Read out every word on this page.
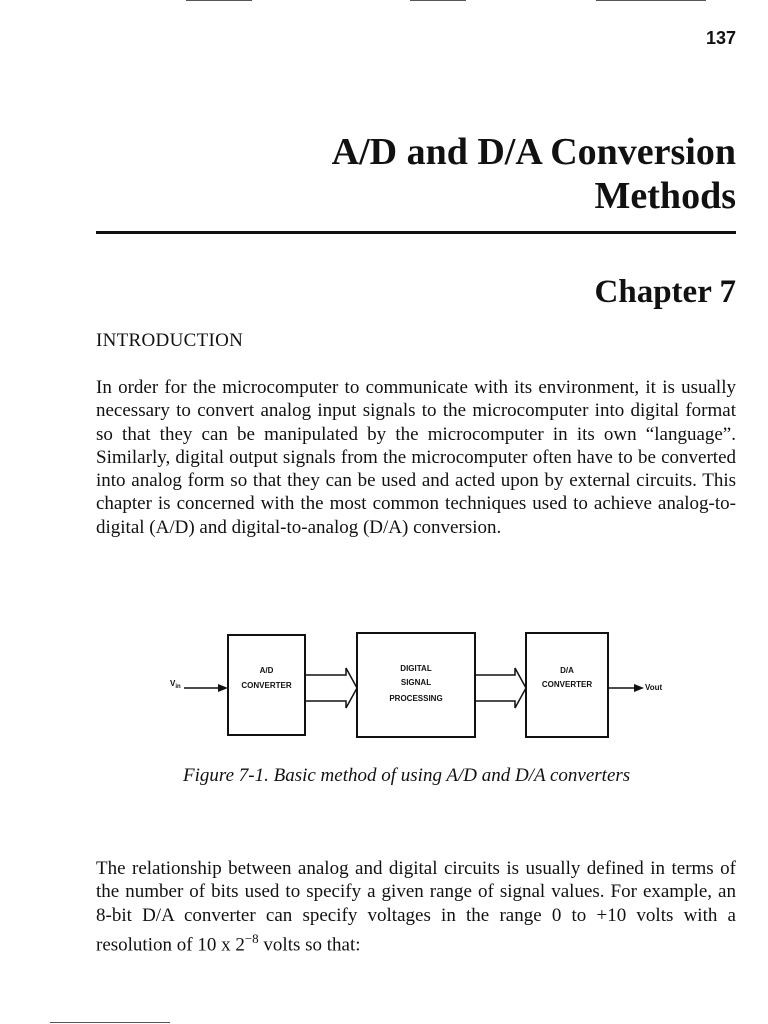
137
A/D and D/A Conversion
Methods
Chapter 7
INTRODUCTION

In order for the microcomputer to communicate with its environment, it is usually necessary to convert analog input signals to the microcomputer into digital format so that they can be manipulated by the microcomputer in its own “language”. Similarly, digital output signals from the microcomputer often have to be converted into analog form so that they can be used and acted upon by external circuits. This chapter is concerned with the most common techniques used to achieve analog-to-digital (A/D) and digital-to-analog (D/A) conversion.

$V_{in}$
A/D
CONVERTER
DIGITAL
SIGNAL
PROCESSING
D/A
CONVERTER	Vout

Figure 7-1. Basic method of using A/D and D/A converters

The relationship between analog and digital circuits is usually defined in terms of the number of bits used to specify a given range of signal values. For example, an 8-bit D/A converter can specify voltages in the range 0 to +10 volts with a resolution of 10 x $2^{-8}$ volts so that:
